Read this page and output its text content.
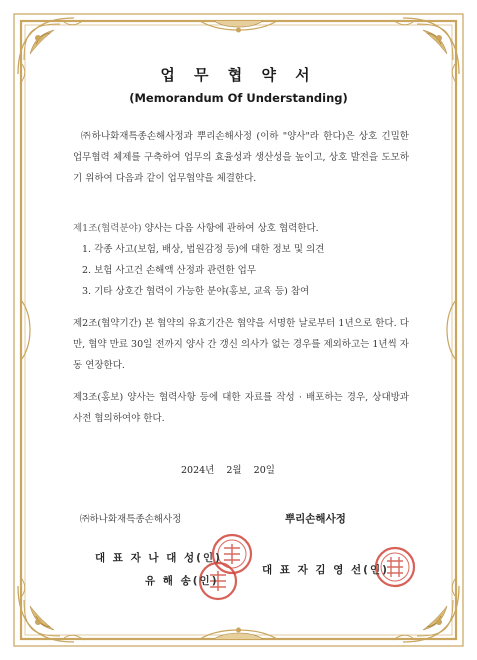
업 무 협 약 서
(Memorandum Of Understanding)
㈜하나화재특종손해사정과 뿌리손해사정 (이하 "양사"라 한다)은 상호 긴밀한 업무협력 체제를 구축하여 업무의 효율성과 생산성을 높이고, 상호 발전을 도모하기 위하여 다음과 같이 업무협약을 체결한다.

제1조(협력분야) 양사는 다음 사항에 관하여 상호 협력한다.

1. 각종 사고(보험, 배상, 법원감정 등)에 대한 정보 및 의견
2. 보험 사고건 손해액 산정과 관련한 업무
3. 기타 상호간 협력이 가능한 분야(홍보, 교육 등) 참여
제2조(협약기간) 본 협약의 유효기간은 협약을 서명한 날로부터 1년으로 한다. 다만, 협약 만료 30일 전까지 양사 간 갱신 의사가 없는 경우를 제외하고는 1년씩 자동 연장한다.
제3조(홍보) 양사는 협력사항 등에 대한 자료를 작성 · 배포하는 경우, 상대방과 사전 협의하여야 한다.
2024년 2월 20일
㈜하나화재특종손해사정	뿌리손해사정
대 표 자 나 대 성(인)
유 해 송(인)
대 표 자 김 영 선(인)
